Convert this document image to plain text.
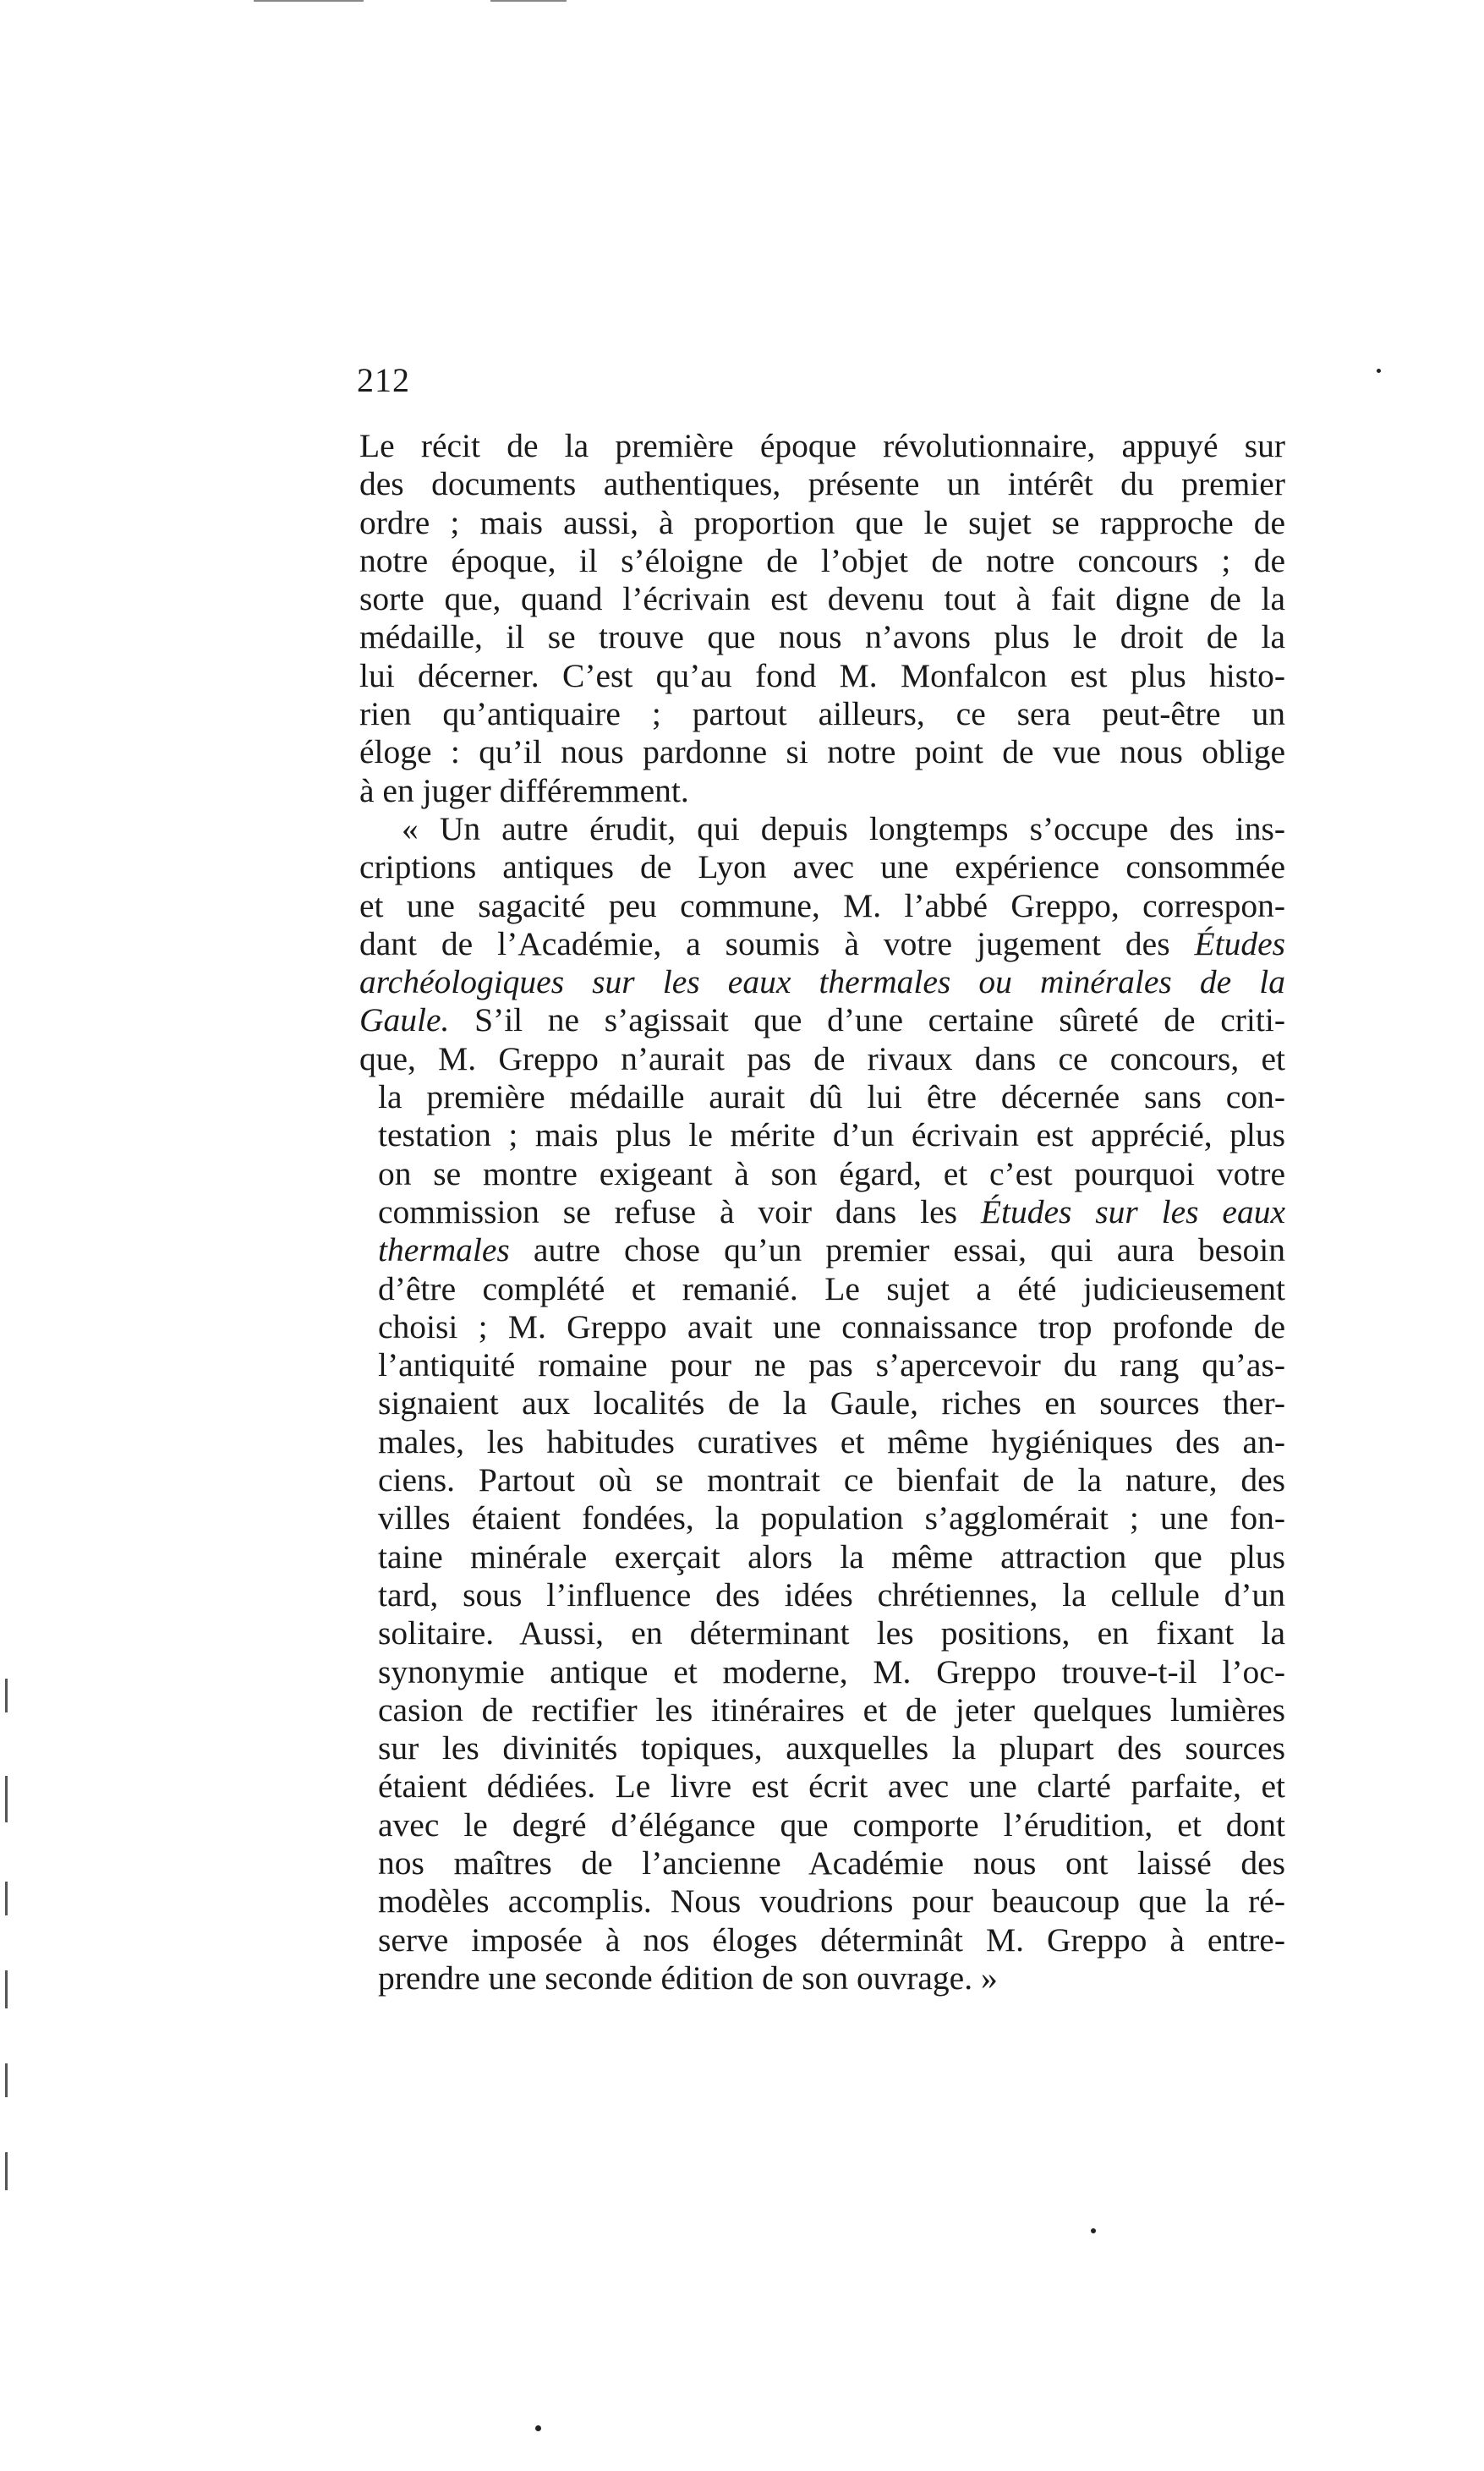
212
Le récit de la première époque révolutionnaire, appuyé sur
des documents authentiques, présente un intérêt du premier
ordre ; mais aussi, à proportion que le sujet se rapproche de
notre époque, il s’éloigne de l’objet de notre concours ; de
sorte que, quand l’écrivain est devenu tout à fait digne de la
médaille, il se trouve que nous n’avons plus le droit de la
lui décerner. C’est qu’au fond M. Monfalcon est plus histo-
rien qu’antiquaire ; partout ailleurs, ce sera peut-être un
éloge : qu’il nous pardonne si notre point de vue nous oblige
à en juger différemment.
« Un autre érudit, qui depuis longtemps s’occupe des ins-
criptions antiques de Lyon avec une expérience consommée
et une sagacité peu commune, M. l’abbé Greppo, correspon-
dant de l’Académie, a soumis à votre jugement des Études
archéologiques sur les eaux thermales ou minérales de la
Gaule. S’il ne s’agissait que d’une certaine sûreté de criti-
que, M. Greppo n’aurait pas de rivaux dans ce concours, et
la première médaille aurait dû lui être décernée sans con-
testation ; mais plus le mérite d’un écrivain est apprécié, plus
on se montre exigeant à son égard, et c’est pourquoi votre
commission se refuse à voir dans les Études sur les eaux
thermales autre chose qu’un premier essai, qui aura besoin
d’être complété et remanié. Le sujet a été judicieusement
choisi ; M. Greppo avait une connaissance trop profonde de
l’antiquité romaine pour ne pas s’apercevoir du rang qu’as-
signaient aux localités de la Gaule, riches en sources ther-
males, les habitudes curatives et même hygiéniques des an-
ciens. Partout où se montrait ce bienfait de la nature, des
villes étaient fondées, la population s’agglomérait ; une fon-
taine minérale exerçait alors la même attraction que plus
tard, sous l’influence des idées chrétiennes, la cellule d’un
solitaire. Aussi, en déterminant les positions, en fixant la
synonymie antique et moderne, M. Greppo trouve-t-il l’oc-
casion de rectifier les itinéraires et de jeter quelques lumières
sur les divinités topiques, auxquelles la plupart des sources
étaient dédiées. Le livre est écrit avec une clarté parfaite, et
avec le degré d’élégance que comporte l’érudition, et dont
nos maîtres de l’ancienne Académie nous ont laissé des
modèles accomplis. Nous voudrions pour beaucoup que la ré-
serve imposée à nos éloges déterminât M. Greppo à entre-
prendre une seconde édition de son ouvrage. »
